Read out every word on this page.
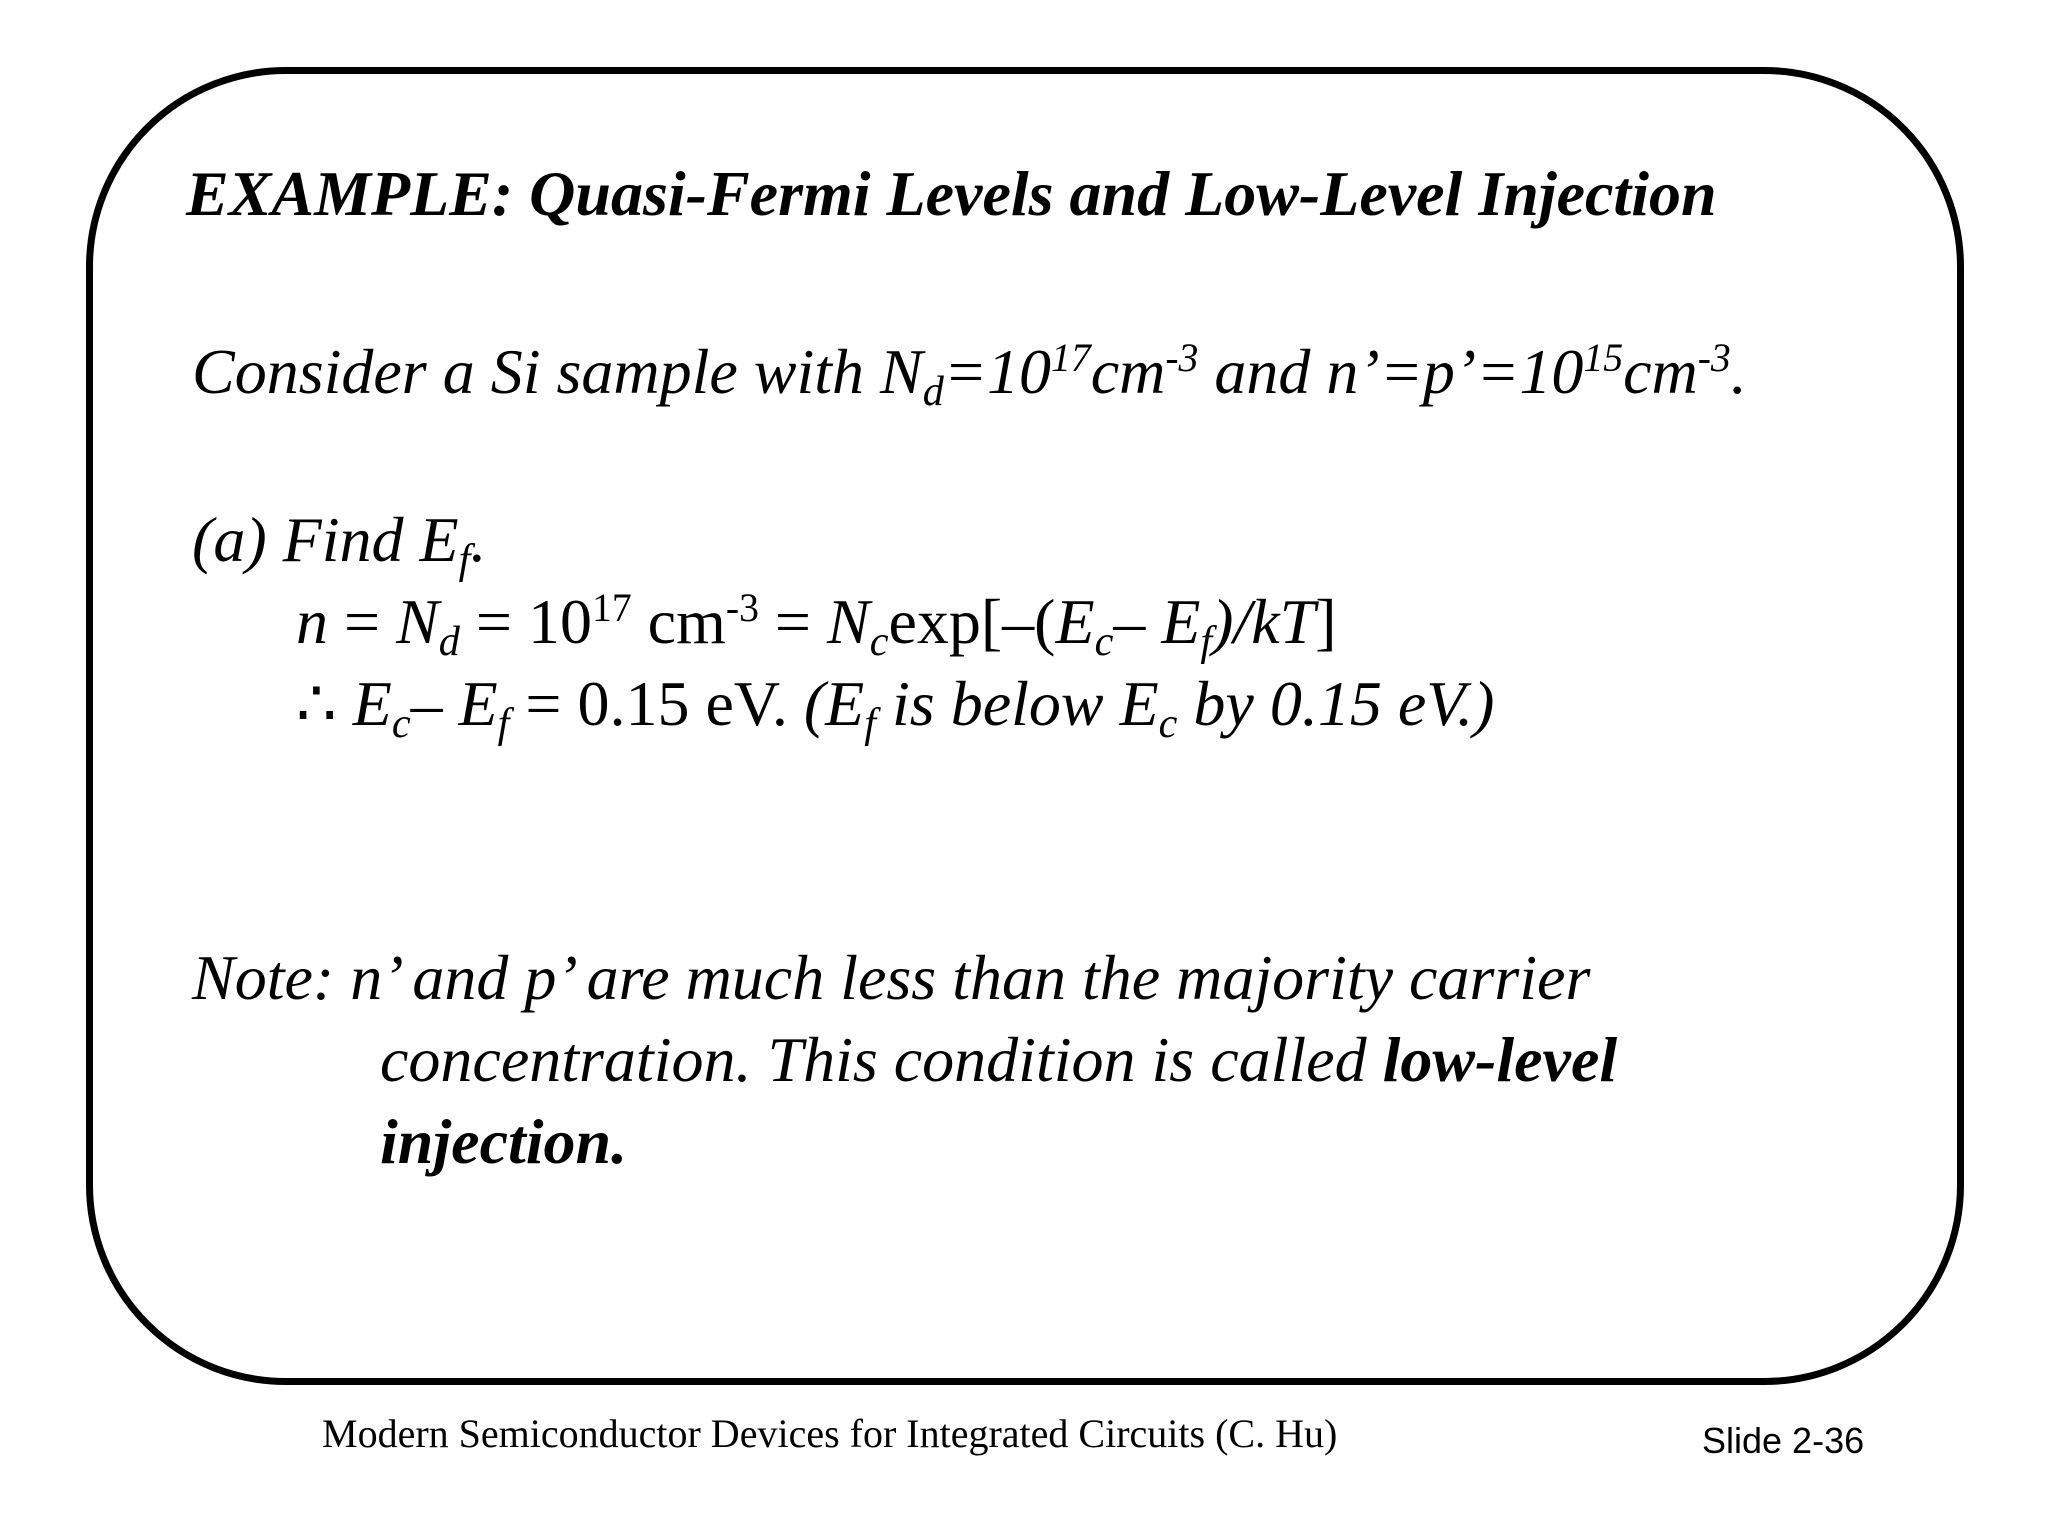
EXAMPLE: Quasi-Fermi Levels and Low-Level Injection
Consider a Si sample with $N_d=10^{17}cm^{-3}$ and $n’=p’=10^{15}cm^{-3}$.
(a) Find $E_f$.
$n = N_d = 10^{17}$ $cm^{-3} = N_c\exp[-(E_c-$ $E_f)/kT$]
∴ $E_c-$ $E_f = 0.15$ eV. ($E_f$ is below $E_c$ by 0.15 eV.)
Note: n’ and p’ are much less than the majority carrier
concentration. This condition is called low-level
injection.
Modern Semiconductor Devices for Integrated Circuits (C. Hu)	Slide 2-36
